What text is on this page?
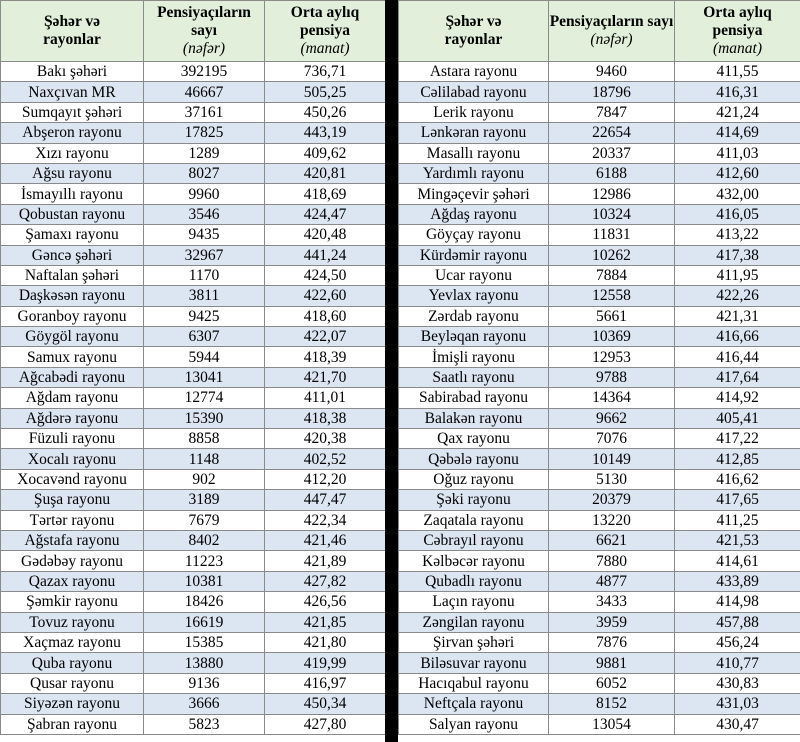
Şəhər və rayonlar	Pensiyaçıların sayı
(nəfər)	Orta aylıq pensiya
(manat)

Bakı şəhəri	392195	736,71
Naxçıvan MR	46667	505,25
Sumqayıt şəhəri	37161	450,26
Abşeron rayonu	17825	443,19
Xızı rayonu	1289	409,62
Ağsu rayonu	8027	420,81
İsmayıllı rayonu	9960	418,69
Qobustan rayonu	3546	424,47
Şamaxı rayonu	9435	420,48
Gəncə şəhəri	32967	441,24
Naftalan şəhəri	1170	424,50
Daşkəsən rayonu	3811	422,60
Goranboy rayonu	9425	418,60
Göygöl rayonu	6307	422,07
Samux rayonu	5944	418,39
Ağcabədi rayonu	13041	421,70
Ağdam rayonu	12774	411,01
Ağdərə rayonu	15390	418,38
Füzuli rayonu	8858	420,38
Xocalı rayonu	1148	402,52
Xocavənd rayonu	902	412,20
Şuşa rayonu	3189	447,47
Tərtər rayonu	7679	422,34
Ağstafa rayonu	8402	421,46
Gədəbəy rayonu	11223	421,89
Qazax rayonu	10381	427,82
Şəmkir rayonu	18426	426,56
Tovuz rayonu	16619	421,85
Xaçmaz rayonu	15385	421,80
Quba rayonu	13880	419,99
Qusar rayonu	9136	416,97
Siyəzən rayonu	3666	450,34
Şabran rayonu	5823	427,80
Şəhər və rayonlar	Pensiyaçıların sayı
(nəfər)	Orta aylıq pensiya
(manat)

Astara rayonu	9460	411,55
Cəlilabad rayonu	18796	416,31
Lerik rayonu	7847	421,24
Lənkəran rayonu	22654	414,69
Masallı rayonu	20337	411,03
Yardımlı rayonu	6188	412,60
Mingəçevir şəhəri	12986	432,00
Ağdaş rayonu	10324	416,05
Göyçay rayonu	11831	413,22
Kürdəmir rayonu	10262	417,38
Ucar rayonu	7884	411,95
Yevlax rayonu	12558	422,26
Zərdab rayonu	5661	421,31
Beyləqan rayonu	10369	416,66
İmişli rayonu	12953	416,44
Saatlı rayonu	9788	417,64
Sabirabad rayonu	14364	414,92
Balakən rayonu	9662	405,41
Qax rayonu	7076	417,22
Qəbələ rayonu	10149	412,85
Oğuz rayonu	5130	416,62
Şəki rayonu	20379	417,65
Zaqatala rayonu	13220	411,25
Cəbrayıl rayonu	6621	421,53
Kəlbəcər rayonu	7880	414,61
Qubadlı rayonu	4877	433,89
Laçın rayonu	3433	414,98
Zəngilan rayonu	3959	457,88
Şirvan şəhəri	7876	456,24
Biləsuvar rayonu	9881	410,77
Hacıqabul rayonu	6052	430,83
Neftçala rayonu	8152	431,03
Salyan rayonu	13054	430,47
